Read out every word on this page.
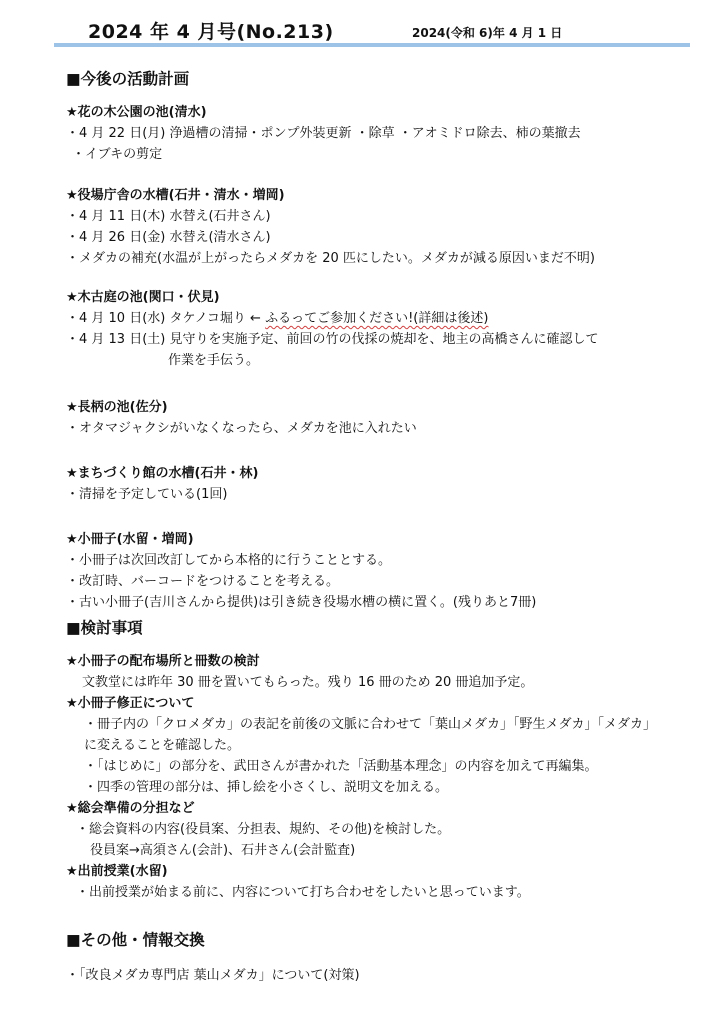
2024 年 4 月号(No.213)	2024(令和 6)年 4 月 1 日
■今後の活動計画
★花の木公園の池(清水)
・4 月 22 日(月) 浄過槽の清掃・ポンプ外装更新 ・除草 ・アオミドロ除去、柿の葉撤去
・イブキの剪定
★役場庁舎の水槽(石井・清水・増岡)
・4 月 11 日(木) 水替え(石井さん)
・4 月 26 日(金) 水替え(清水さん)
・メダカの補充(水温が上がったらメダカを 20 匹にしたい。メダカが減る原因いまだ不明)
★木古庭の池(関口・伏見)
・4 月 10 日(水) タケノコ堀り ← ふるってご参加ください!(詳細は後述)
・4 月 13 日(土) 見守りを実施予定、前回の竹の伐採の焼却を、地主の高橋さんに確認して
作業を手伝う。
★長柄の池(佐分)
・オタマジャクシがいなくなったら、メダカを池に入れたい
★まちづくり館の水槽(石井・林)
・清掃を予定している(1回)
★小冊子(水留・増岡)
・小冊子は次回改訂してから本格的に行うこととする。
・改訂時、バーコードをつけることを考える。
・古い小冊子(吉川さんから提供)は引き続き役場水槽の横に置く。(残りあと7冊)
■検討事項
★小冊子の配布場所と冊数の検討
文教堂には昨年 30 冊を置いてもらった。残り 16 冊のため 20 冊追加予定。
★小冊子修正について
・冊子内の「クロメダカ」の表記を前後の文脈に合わせて「葉山メダカ」「野生メダカ」「メダカ」
に変えることを確認した。
・「はじめに」の部分を、武田さんが書かれた「活動基本理念」の内容を加えて再編集。
・四季の管理の部分は、挿し絵を小さくし、説明文を加える。
★総会準備の分担など
・総会資料の内容(役員案、分担表、規約、その他)を検討した。
役員案→高須さん(会計)、石井さん(会計監査)
★出前授業(水留)
・出前授業が始まる前に、内容について打ち合わせをしたいと思っています。
■その他・情報交換
・「改良メダカ専門店 葉山メダカ」について(対策)
